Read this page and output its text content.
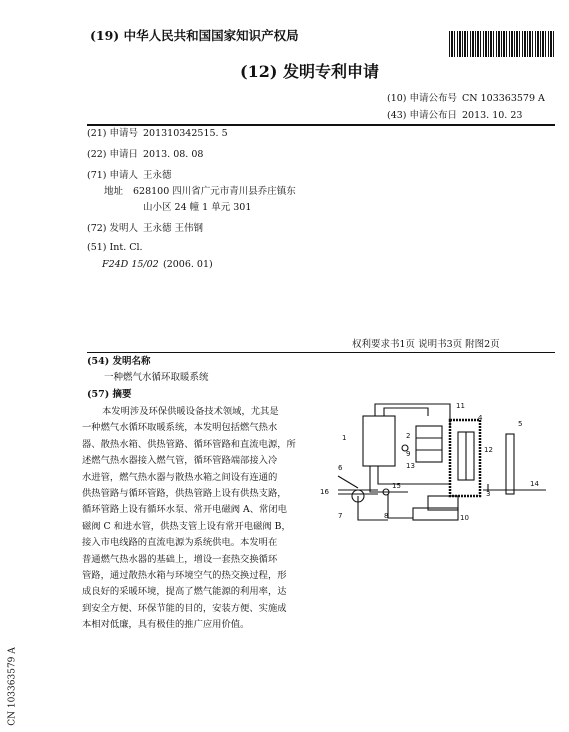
(19) 中华人民共和国国家知识产权局
(12) 发明专利申请
(10) 申请公布号 CN 103363579 A
(43) 申请公布日 2013. 10. 23
(21) 申请号 201310342515. 5
(22) 申请日 2013. 08. 08
(71) 申请人 王永德
地址 628100 四川省广元市青川县乔庄镇东
山小区 24 幢 1 单元 301
(72) 发明人 王永德 王伟钢
(51) Int. Cl.
F24D 15/02 (2006. 01)
权利要求书1页 说明书3页 附图2页
(54) 发明名称
一种燃气水循环取暖系统
(57) 摘要
本发明涉及环保供暖设备技术领域，尤其是
一种燃气水循环取暖系统，本发明包括燃气热水
器、散热水箱、供热管路、循环管路和直流电源，所
述燃气热水器接入燃气管，循环管路端部接入冷
水进管，燃气热水器与散热水箱之间设有连通的
供热管路与循环管路，供热管路上设有供热支路，
循环管路上设有循环水泵、常开电磁阀 A、常闭电
磁阀 C 和进水管，供热支管上设有常开电磁阀 B，
接入市电线路的直流电源为系统供电。本发明在
普通燃气热水器的基础上，增设一套热交换循环
管路，通过散热水箱与环境空气的热交换过程，形
成良好的采暖环境，提高了燃气能源的利用率，达
到安全方便、环保节能的目的，安装方便、实施成
本相对低廉，具有极佳的推广应用价值。
CN 103363579 A
1	2
3
4
5
6
7	8
9
10
11
12
13
14
15
16
